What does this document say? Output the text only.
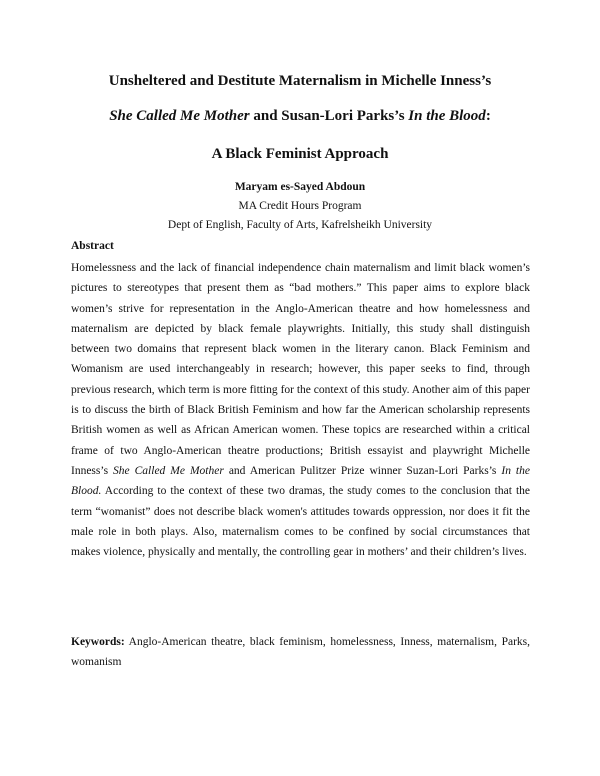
Unsheltered and Destitute Maternalism in Michelle Inness’s
She Called Me Mother and Susan-Lori Parks’s In the Blood:
A Black Feminist Approach
Maryam es-Sayed Abdoun
MA Credit Hours Program
Dept of English, Faculty of Arts, Kafrelsheikh University
Abstract

Homelessness and the lack of financial independence chain maternalism and limit black women’s pictures to stereotypes that present them as “bad mothers.” This paper aims to explore black women’s strive for representation in the Anglo-American theatre and how homelessness and maternalism are depicted by black female playwrights. Initially, this study shall distinguish between two domains that represent black women in the literary canon. Black Feminism and Womanism are used interchangeably in research; however, this paper seeks to find, through previous research, which term is more fitting for the context of this study. Another aim of this paper is to discuss the birth of Black British Feminism and how far the American scholarship represents British women as well as African American women. These topics are researched within a critical frame of two Anglo-American theatre productions; British essayist and playwright Michelle Inness’s She Called Me Mother and American Pulitzer Prize winner Suzan-Lori Parks’s In the Blood. According to the context of these two dramas, the study comes to the conclusion that the term “womanist” does not describe black women's attitudes towards oppression, nor does it fit the male role in both plays. Also, maternalism comes to be confined by social circumstances that makes violence, physically and mentally, the controlling gear in mothers’ and their children’s lives.

Keywords: Anglo-American theatre, black feminism, homelessness, Inness, maternalism, Parks, womanism
